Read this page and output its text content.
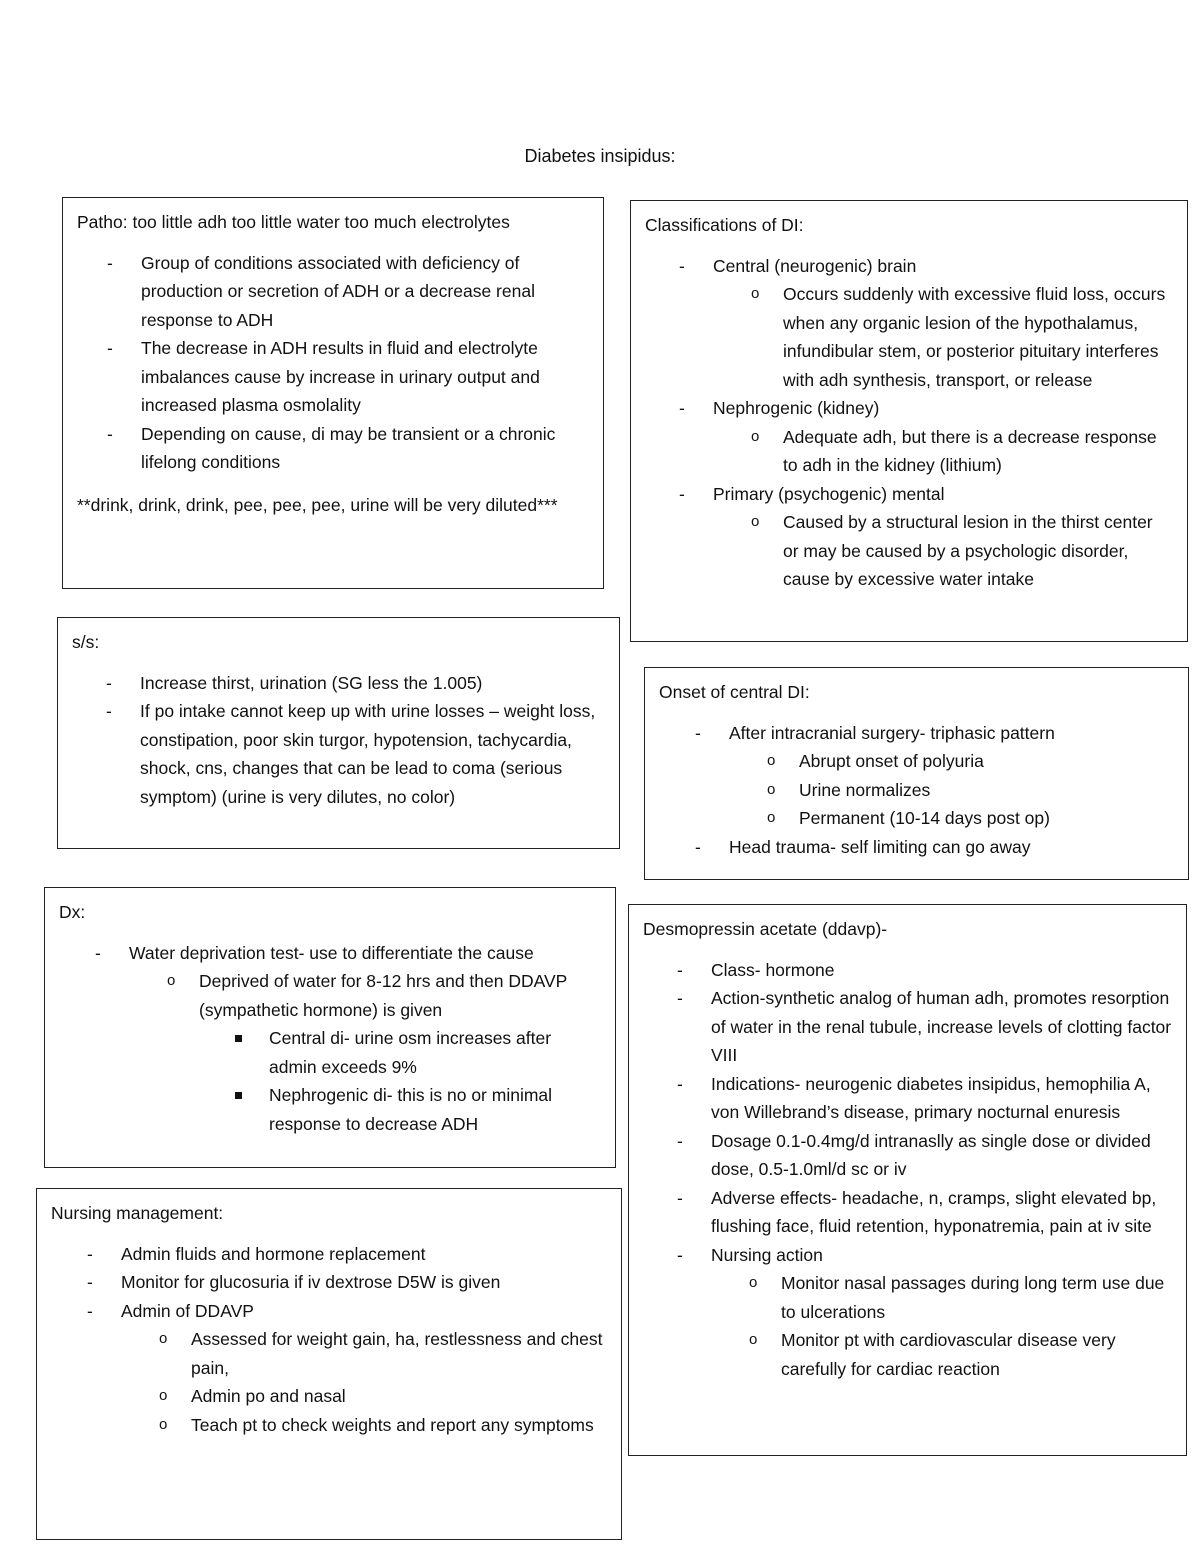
Diabetes insipidus:
Patho: too little adh too little water too much electrolytes
- Group of conditions associated with deficiency of production or secretion of ADH or a decrease renal response to ADH
- The decrease in ADH results in fluid and electrolyte imbalances cause by increase in urinary output and increased plasma osmolality
- Depending on cause, di may be transient or a chronic lifelong conditions
**drink, drink, drink, pee, pee, pee, urine will be very diluted***
Classifications of DI:
- Central (neurogenic) brain
o Occurs suddenly with excessive fluid loss, occurs when any organic lesion of the hypothalamus, infundibular stem, or posterior pituitary interferes with adh synthesis, transport, or release
- Nephrogenic (kidney)
o Adequate adh, but there is a decrease response to adh in the kidney (lithium)
- Primary (psychogenic) mental
o Caused by a structural lesion in the thirst center or may be caused by a psychologic disorder, cause by excessive water intake
s/s:
- Increase thirst, urination (SG less the 1.005)
- If po intake cannot keep up with urine losses – weight loss, constipation, poor skin turgor, hypotension, tachycardia, shock, cns, changes that can be lead to coma (serious symptom) (urine is very dilutes, no color)
Onset of central DI:
- After intracranial surgery- triphasic pattern
o Abrupt onset of polyuria
o Urine normalizes
o Permanent (10-14 days post op)
- Head trauma- self limiting can go away
Dx:
- Water deprivation test- use to differentiate the cause
o Deprived of water for 8-12 hrs and then DDAVP (sympathetic hormone) is given
Central di- urine osm increases after admin exceeds 9%
Nephrogenic di- this is no or minimal response to decrease ADH
Desmopressin acetate (ddavp)-
- Class- hormone
- Action-synthetic analog of human adh, promotes resorption of water in the renal tubule, increase levels of clotting factor VIII
- Indications- neurogenic diabetes insipidus, hemophilia A, von Willebrand’s disease, primary nocturnal enuresis
- Dosage 0.1-0.4mg/d intranaslly as single dose or divided dose, 0.5-1.0ml/d sc or iv
- Adverse effects- headache, n, cramps, slight elevated bp, flushing face, fluid retention, hyponatremia, pain at iv site
- Nursing action
o Monitor nasal passages during long term use due to ulcerations
o Monitor pt with cardiovascular disease very carefully for cardiac reaction
Nursing management:
- Admin fluids and hormone replacement
- Monitor for glucosuria if iv dextrose D5W is given
- Admin of DDAVP
o Assessed for weight gain, ha, restlessness and chest pain,
o Admin po and nasal
o Teach pt to check weights and report any symptoms
